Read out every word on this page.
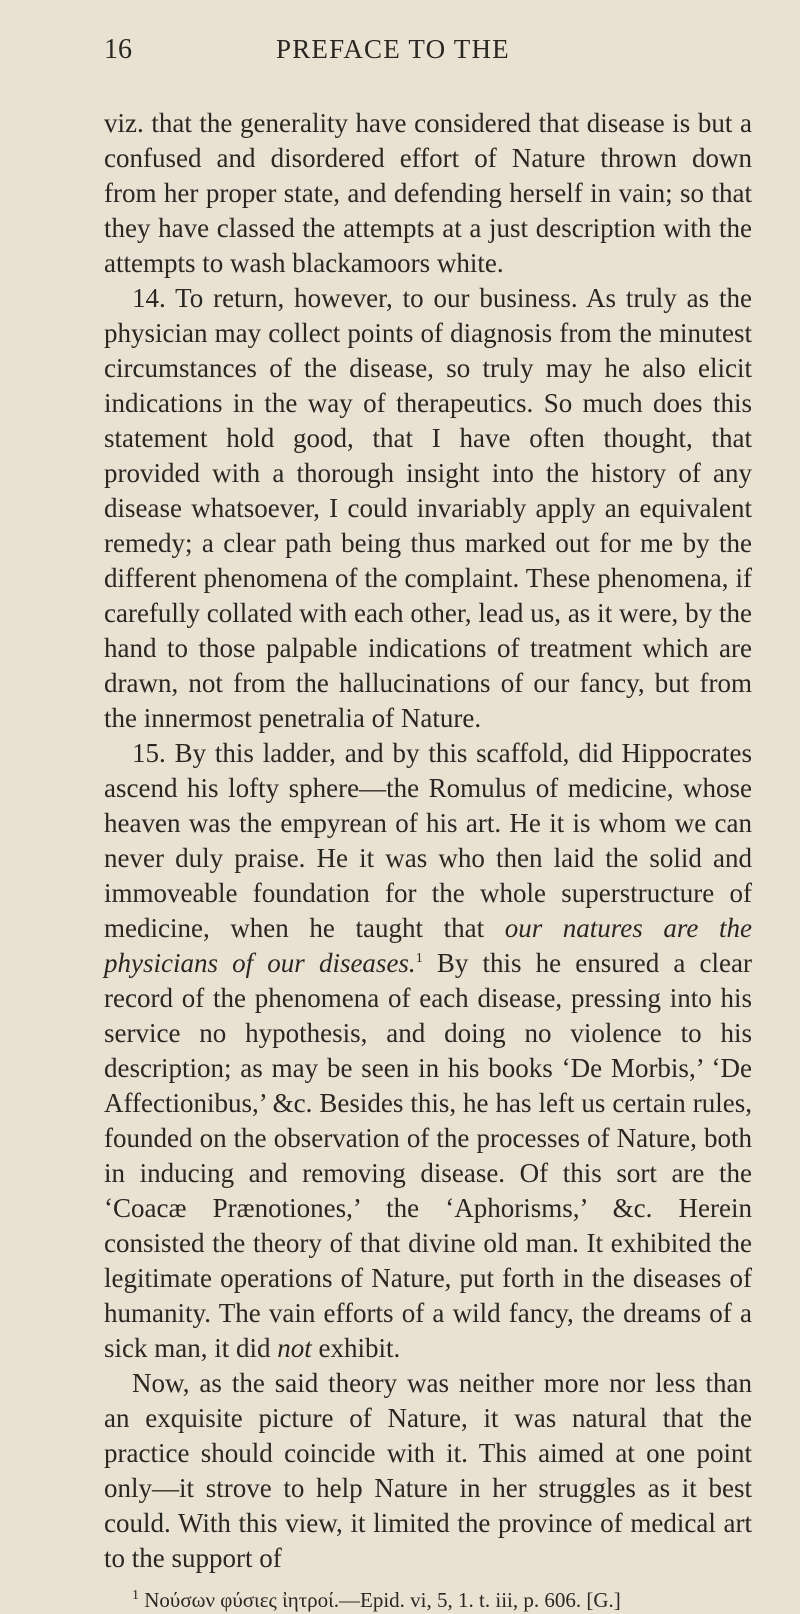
16	PREFACE TO THE

viz. that the generality have considered that disease is but a confused and disordered effort of Nature thrown down from her proper state, and defending herself in vain; so that they have classed the attempts at a just description with the attempts to wash blackamoors white.

14. To return, however, to our business. As truly as the physician may collect points of diagnosis from the minutest circumstances of the disease, so truly may he also elicit indications in the way of therapeutics. So much does this statement hold good, that I have often thought, that provided with a thorough insight into the history of any disease whatsoever, I could invariably apply an equivalent remedy; a clear path being thus marked out for me by the different phenomena of the complaint. These phenomena, if carefully collated with each other, lead us, as it were, by the hand to those palpable indications of treatment which are drawn, not from the hallucinations of our fancy, but from the innermost penetralia of Nature.

15. By this ladder, and by this scaffold, did Hippocrates ascend his lofty sphere—the Romulus of medicine, whose heaven was the empyrean of his art. He it is whom we can never duly praise. He it was who then laid the solid and immoveable foundation for the whole superstructure of medicine, when he taught that our natures are the physicians of our diseases.$^1$ By this he ensured a clear record of the phenomena of each disease, pressing into his service no hypothesis, and doing no violence to his description; as may be seen in his books ‘De Morbis,’ ‘De Affectionibus,’ &c. Besides this, he has left us certain rules, founded on the observation of the processes of Nature, both in inducing and removing disease. Of this sort are the ‘Coacæ Prænotiones,’ the ‘Aphorisms,’ &c. Herein consisted the theory of that divine old man. It exhibited the legitimate operations of Nature, put forth in the diseases of humanity. The vain efforts of a wild fancy, the dreams of a sick man, it did not exhibit.

Now, as the said theory was neither more nor less than an exquisite picture of Nature, it was natural that the practice should coincide with it. This aimed at one point only—it strove to help Nature in her struggles as it best could. With this view, it limited the province of medical art to the support of

$^1$ Νούσων φύσιες ἰητροί.—Epid. vi, 5, 1. t. iii, p. 606. [G.]
